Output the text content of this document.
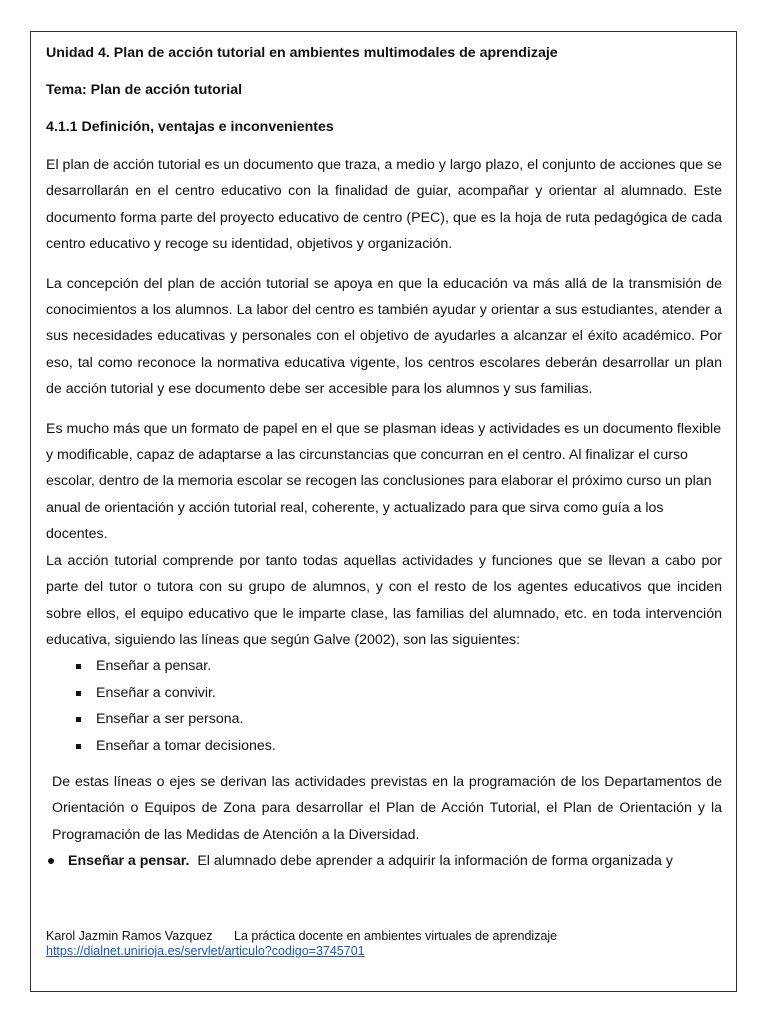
Unidad 4. Plan de acción tutorial en ambientes multimodales de aprendizaje
Tema: Plan de acción tutorial
4.1.1 Definición, ventajas e inconvenientes

El plan de acción tutorial es un documento que traza, a medio y largo plazo, el conjunto de acciones que se desarrollarán en el centro educativo con la finalidad de guiar, acompañar y orientar al alumnado. Este documento forma parte del proyecto educativo de centro (PEC), que es la hoja de ruta pedagógica de cada centro educativo y recoge su identidad, objetivos y organización.

La concepción del plan de acción tutorial se apoya en que la educación va más allá de la transmisión de conocimientos a los alumnos. La labor del centro es también ayudar y orientar a sus estudiantes, atender a sus necesidades educativas y personales con el objetivo de ayudarles a alcanzar el éxito académico. Por eso, tal como reconoce la normativa educativa vigente, los centros escolares deberán desarrollar un plan de acción tutorial y ese documento debe ser accesible para los alumnos y sus familias.

Es mucho más que un formato de papel en el que se plasman ideas y actividades es un documento flexible y modificable, capaz de adaptarse a las circunstancias que concurran en el centro. Al finalizar el curso escolar, dentro de la memoria escolar se recogen las conclusiones para elaborar el próximo curso un plan anual de orientación y acción tutorial real, coherente, y actualizado para que sirva como guía a los docentes.

La acción tutorial comprende por tanto todas aquellas actividades y funciones que se llevan a cabo por parte del tutor o tutora con su grupo de alumnos, y con el resto de los agentes educativos que inciden sobre ellos, el equipo educativo que le imparte clase, las familias del alumnado, etc. en toda intervención educativa, siguiendo las líneas que según Galve (2002), son las siguientes:

Enseñar a pensar.
Enseñar a convivir.
Enseñar a ser persona.
Enseñar a tomar decisiones.

De estas líneas o ejes se derivan las actividades previstas en la programación de los Departamentos de Orientación o Equipos de Zona para desarrollar el Plan de Acción Tutorial, el Plan de Orientación y la Programación de las Medidas de Atención a la Diversidad.

Enseñar a pensar. El alumnado debe aprender a adquirir la información de forma organizada y
Karol Jazmin Ramos Vazquez La práctica docente en ambientes virtuales de aprendizaje
https://dialnet.unirioja.es/servlet/articulo?codigo=3745701
